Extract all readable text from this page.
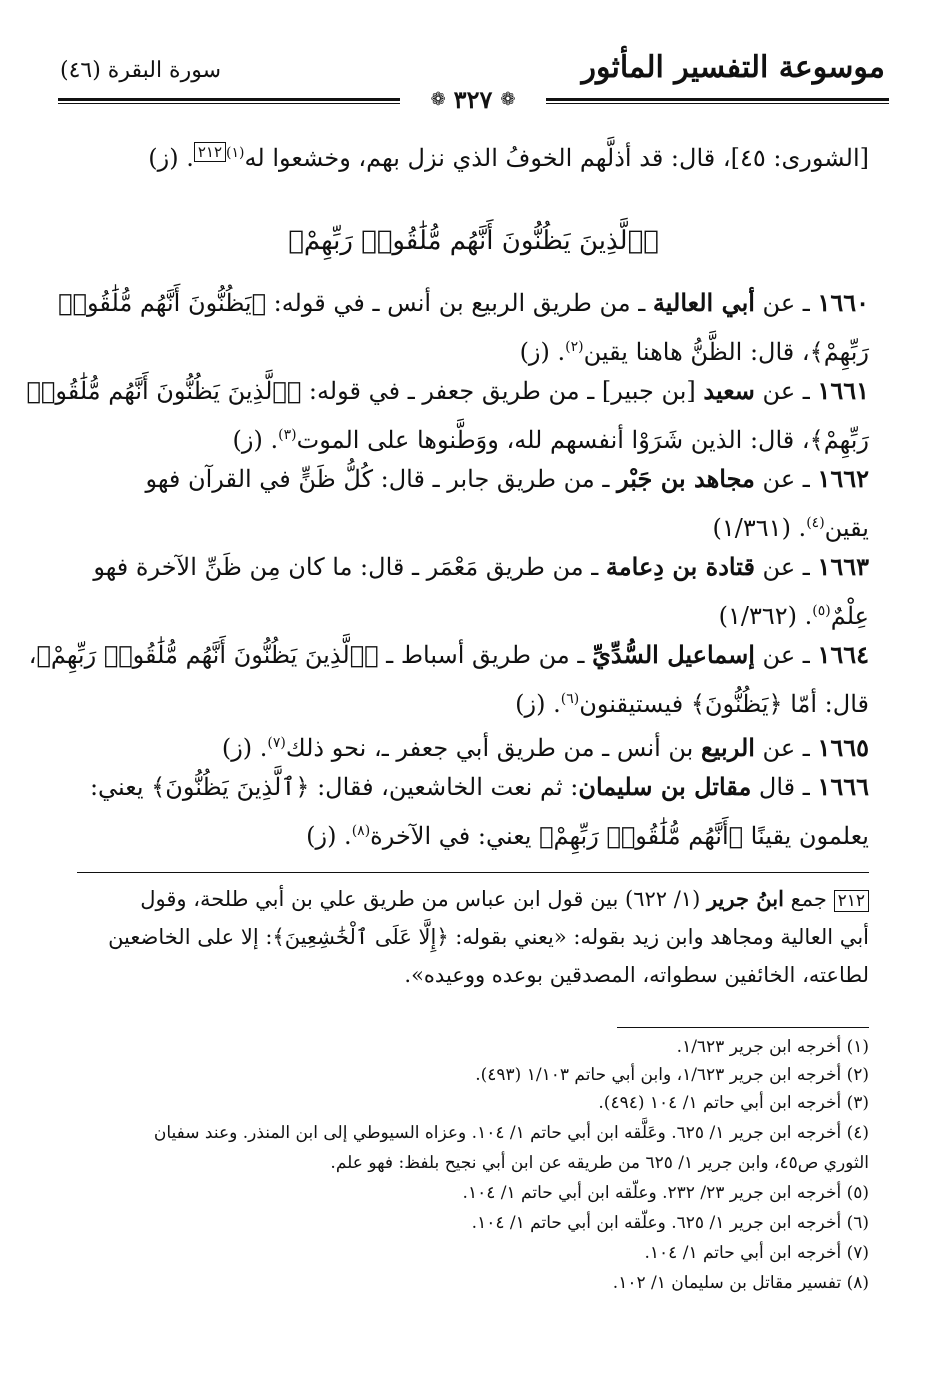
موسوعة التفسير المأثور
سورة البقرة (٤٦)
❁
٣٢٧
❁
[الشورى: ٤٥]، قال: قد أذلَّهم الخوفُ الذي نزل بهم، وخشعوا له$^{(١)٢١٢}$. (ز)
﴿ٱلَّذِينَ يَظُنُّونَ أَنَّهُم مُّلَٰقُوا۟ رَبِّهِمْ﴾
١٦٦٠ ـ عن أبي العالية ـ من طريق الربيع بن أنس ـ في قوله: ﴿يَظُنُّونَ أَنَّهُم مُّلَٰقُوا۟
رَبِّهِمْ﴾، قال: الظَّنُّ هاهنا يقين$^{(٢)}$. (ز)
١٦٦١ ـ عن سعيد [بن جبير] ـ من طريق جعفر ـ في قوله: ﴿ٱلَّذِينَ يَظُنُّونَ أَنَّهُم مُّلَٰقُوا۟
رَبِّهِمْ﴾، قال: الذين شَرَوْا أنفسهم لله، ووَطَّنوها على الموت$^{(٣)}$. (ز)
١٦٦٢ ـ عن مجاهد بن جَبْر ـ من طريق جابر ـ قال: كُلُّ ظَنٍّ في القرآن فهو
يقين$^{(٤)}$. (١/٣٦١)
١٦٦٣ ـ عن قتادة بن دِعامة ـ من طريق مَعْمَر ـ قال: ما كان مِن ظَنِّ الآخرة فهو
عِلْمٌ$^{(٥)}$. (١/٣٦٢)
١٦٦٤ ـ عن إسماعيل السُّدِّيِّ ـ من طريق أسباط ـ ﴿ٱلَّذِينَ يَظُنُّونَ أَنَّهُم مُّلَٰقُوا۟ رَبِّهِمْ﴾،
قال: أمّا ﴿يَظُنُّونَ﴾ فيستيقنون$^{(٦)}$. (ز)
١٦٦٥ ـ عن الربيع بن أنس ـ من طريق أبي جعفر ـ، نحو ذلك$^{(٧)}$. (ز)
١٦٦٦ ـ قال مقاتل بن سليمان: ثم نعت الخاشعين، فقال: ﴿ٱلَّذِينَ يَظُنُّونَ﴾ يعني:
يعلمون يقينًا ﴿أَنَّهُم مُّلَٰقُوا۟ رَبِّهِمْ﴾ يعني: في الآخرة$^{(٨)}$. (ز)
٢١٢ جمع ابنُ جرير (١/ ٦٢٢) بين قول ابن عباس من طريق علي بن أبي طلحة، وقول
أبي العالية ومجاهد وابن زيد بقوله: «يعني بقوله: ﴿إِلَّا عَلَى ٱلْخَٰشِعِينَ﴾: إلا على الخاضعين
لطاعته، الخائفين سطواته، المصدقين بوعده ووعيده».
(١) أخرجه ابن جرير ١/٦٢٣.
(٢) أخرجه ابن جرير ١/٦٢٣، وابن أبي حاتم ١/١٠٣ (٤٩٣).
(٣) أخرجه ابن أبي حاتم ١/ ١٠٤ (٤٩٤).
(٤) أخرجه ابن جرير ١/ ٦٢٥. وعَلَّقه ابن أبي حاتم ١/ ١٠٤. وعزاه السيوطي إلى ابن المنذر. وعند سفيان
الثوري ص٤٥، وابن جرير ١/ ٦٢٥ من طريقه عن ابن أبي نجيح بلفظ: فهو علم.
(٥) أخرجه ابن جرير ٢٣/ ٢٣٢. وعلّقه ابن أبي حاتم ١/ ١٠٤.
(٦) أخرجه ابن جرير ١/ ٦٢٥. وعلّقه ابن أبي حاتم ١/ ١٠٤.
(٧) أخرجه ابن أبي حاتم ١/ ١٠٤.
(٨) تفسير مقاتل بن سليمان ١/ ١٠٢.
